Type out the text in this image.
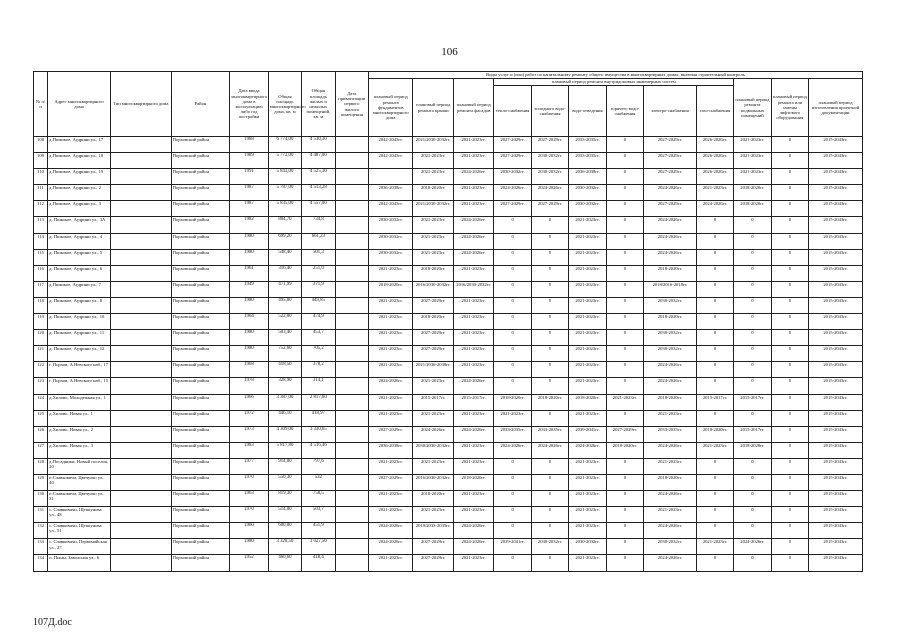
106
№ п/п	Адрес многоквартирного дома	Тип многоквартирного дома	Район	Дата ввода многоквартирного дома в эксплуатацию либо год постройки	Общая площадь многоквартирного дома, кв. м	Общая площадь жилых и нежилых помещений, кв. м	Дата приватизации первого жилого помещения	Виды услуг и (или) работ по капитальному ремонту общего имущества в многоквартирных домах, включая строительный контроль											
								плановый период ремонта фундаментов многоквартирного дома	плановый период ремонта крыши	плановый период ремонта фасадов	плановый период ремонта внутридомовых инженерных систем						плановый период ремонта подвальных помещений	плановый период ремонта или замены лифтового оборудования	плановый период изготовления проектной документации
											тепло-снабжения	холодного водо-снабжения	водо-отведения	горячего водо-снабжения	электро-снабжения	газо-снабжения			
108	д.Пшкокое, Аудрини ул., 17		Порховский район	1988	6 774,00	4 530,30		2042-2043гг.	2021/2030-2032гг.	2021-2023гг.	2027-2029гг.	2027-2029гг.	2033-2035гг.	0	2027-2029гг.	2026-2026гг.	2021-2023гг.	0	2015-2043гг.
109	д.Пшкокое, Аудрини ул., 18		Порховский район	1989	5 772,00	4 487,00		2042-2043гг.	2021-2023гг.	2021-2023гг.	2027-2029гг.	2030-2032гг.	2033-2035гг.	0	2027-2029гг.	2026-2026гг.	2021-2023гг.	0	2015-2043гг.
110	д.Пшкокое, Аудрини ул., 19		Порховский район	1991	5 843,00	4 525,30			2021-2023гг.	2024-2026гг.	2030-2032гг.	2030-2032гг.	2036-2038гг.	0	2027-2029гг.	2026-2026гг.	2021-2023гг.	0	2015-2043гг.
111	д.Пшкокое, Аудрини ул., 2		Порховский район	1987	5 787,00	4 513,28		2036-2038гг.	2018-2020гг.	2021-2023гг.	2024-2026гг.	2024-2026гг.	2030-2032гг.	0	2024-2026гг.	2021-2023гг.	2018-2020гг.	0	2015-2043гг.
112	д.Пшкокое, Аудрини ул., 3		Порховский район	1987	5 835,00	4 557,00		2042-2043гг.	2021/2030-2032гг.	2021-2023гг.	2027-2029гг.	2027-2029гг.	2030-2032гг.	0	2027-2029гг.	2024-2026гг.	2018-2020гг.	0	2015-2043гг.
113	д. Пшкокое, Аудрини ул., 3А		Порховский район	1982	804,70	734,8		2030-2032гг.	2021-2023гг.	2024-2026гг.	0	0	2021-2023гг.	0	2024-2026гг.	0	0	0	2015-2043гг.
114	д. Пшкокое, Аудрини ул., 4		Порховский район	1980	699,20	661,23		2030-2032гг.	2021-2023гг.	2024-2026гг.	0	0	2021-2023гг.	0	2024-2026гг.	0	0	0	2015-2043гг.
115	д. Пшкокое, Аудрини ул., 5		Порховский район	1980	548,40	501,3		2030-2032гг.	2021-2023гг.	2024-2026гг.	0	0	2021-2023гг.	0	2024-2026гг.	0	0	0	2015-2043гг.
116	д. Пшкокое, Аудрини ул., 6		Порховский район	1961	316,40	251,0		2021-2023гг.	2018-2020гг.	2021-2023гг.	0	0	2021-2023гг.	0	2018-2020гг.	0	0	0	2015-2043гг.
117	д.Пшкокое, Аудрини ул., 7		Порховский район	1949	471,99	371,9		2018-2020гг.	2016/2030-2032гг.	2016/2030-2032гг.	0	0	2021-2023гг.	0	2018/2016-2018гг.	0	0	0	2015-2043гг.
118	д. Пшкокое, Аудрини ул., 8		Порховский район	1980	495,00	449,85		2021-2023гг.	2027-2029гг.	2021-2023гг.	0	0	2021-2023гг.	0	2030-2032гг.	0	0	0	2015-2043гг.
119	д. Пшкокое, Аудрини ул., 10		Порховский район	1964	522,00	474,9		2021-2023гг.	2018-2020гг.	2021-2023гг.	0	0	2021-2023гг.	0	2018-2020гг.	0	0	0	2015-2043гг.
120	д. Пшкокое, Аудрини ул., 11		Порховский район	1980	503,40	453,7		2021-2023гг.	2027-2029гг.	2021-2023гг.	0	0	2021-2023гг.	0	2030-2032гг.	0	0	0	2015-2043гг.
121	д. Пшкокое, Аудрини ул., 12		Порховский район	1980	752,60	705,2		2021-2023гг.	2027-2029гг.	2021-2023гг.	0	0	2021-2023гг.	0	2030-2032гг.	0	0	0	2015-2043гг.
122	г. Порхов, А.Невского наб., 17		Порховский район	1968	418,50	378,2		2021-2023гг.	2021/2036-2038гг.	2021-2023гг.	0	0	2021-2023гг.	0	2024-2026гг.	0	0	0	2015-2043гг.
123	г. Порхов, А.Невского наб., 15		Порховский район	1978	328,90	314,1		2024-2026гг.	2021-2023гг.	2024-2026гг.	0	0	2021-2023гг.	0	2024-2026гг.	0	0	0	2015-2043гг.
124	д.Хилово, Молодежная ул., 1		Порховский район	1966	3 387,00	2 817,60		2021-2023гг.	2015-2017гг.	2015-2017гг.	2018-2020гг.	2018-2020гг.	2018-2020гг.	2021-2023гг.	2018-2020гг.	2015-2017гг.	2015-2017гг.	0	2015-2043гг.
125	д.Хилово, Новая ул., 1		Порховский район	1972	446,10	418,97		2021-2023гг.	2021-2023гг.	2021-2023гг.	2021-2023гг.	0	2021-2023гг.	0	2021-2023гг.	0	0	0	2015-2043гг.
126	д.Хилово, Новая ул., 2		Порховский район	1973	4 309,00	3 330,65		2027-2029гг.	2024-2026гг.	2024-2026гг.	2033-2035гг.	2033-2035гг.	2039-2041гг.	2027-2029гг.	2033-2035гг.	2018-2020гг.	2015-2017гг.	0	2015-2043гг.
127	д.Хилово, Новая ул., 3		Порховский район	1983	5 817,80	4 516,46		2036-2038гг.	2030/2030-2032гг.	2021-2023гг.	2024-2026гг.	2024-2026гг.	2024-2026гг.	2018-2020гг.	2024-2026гг.	2021-2023гг.	2018-2020гг.	0	2015-2043гг.
128	д.Посадники, Новый поселок, 20		Порховский район	1977	914,00	797,6		2021-2023гг.	2021-2023гг.	2021-2023гг.	0	0	2021-2023гг.	0	2021-2023гг.	0	0	0	2015-2043гг.
129	п.Славковичи, Цвечулко ул., 40		Порховский район	1970	550,30	532		2027-2029гг.	2016/2030-2032гг.	2018-2020гг.	0	0	2021-2023гг.	0	2018-2020гг.	0	0	0	2015-2043гг.
130	п.Славковичи, Цвечулко ул., 31		Порховский район	1963	819,30	758,5		2021-2023гг.	2018-2020гг.	2021-2023гг.	0	0	2021-2023гг.	0	2024-2026гг.	0	0	0	2015-2043гг.
131	с. Славковичи, Щепкунова ул., 48		Порховский район	1970	514,00	503,7		2021-2023гг.	2021-2023гг.	2021-2023гг.	0	0	2021-2023гг.	0	2021-2023гг.	0	0	0	2015-2043гг.
132	с. Славковичи, Щепкунова ул., 51		Порховский район	1960	600,00	451,9		2024-2026гг.	2019/2033-2035гг.	2024-2026гг.	0	0	2021-2023гг.	0	2024-2026гг.	0	0	0	2015-2043гг.
133	с. Славковичи, Первомайская ул., 27		Порховский район	1980	3 328,50	3 027,50		2024-2026гг.	2027-2029гг.	2024-2026гг.	2039-2041гг.	2030-2032гг.	2030-2032гг.	0	2030-2032гг.	2021-2023гг.	2024-2026гг.	0	2015-2043гг.
134	п. Пыны, Заволсная ул., 6		Порховский район	1952	460,60	418,4		2021-2023гг.	2027-2029гг.	2021-2023гг.	0	0	2021-2023гг.	0	2024-2026гг.	0	0	0	2015-2043гг.
107Д.doc
